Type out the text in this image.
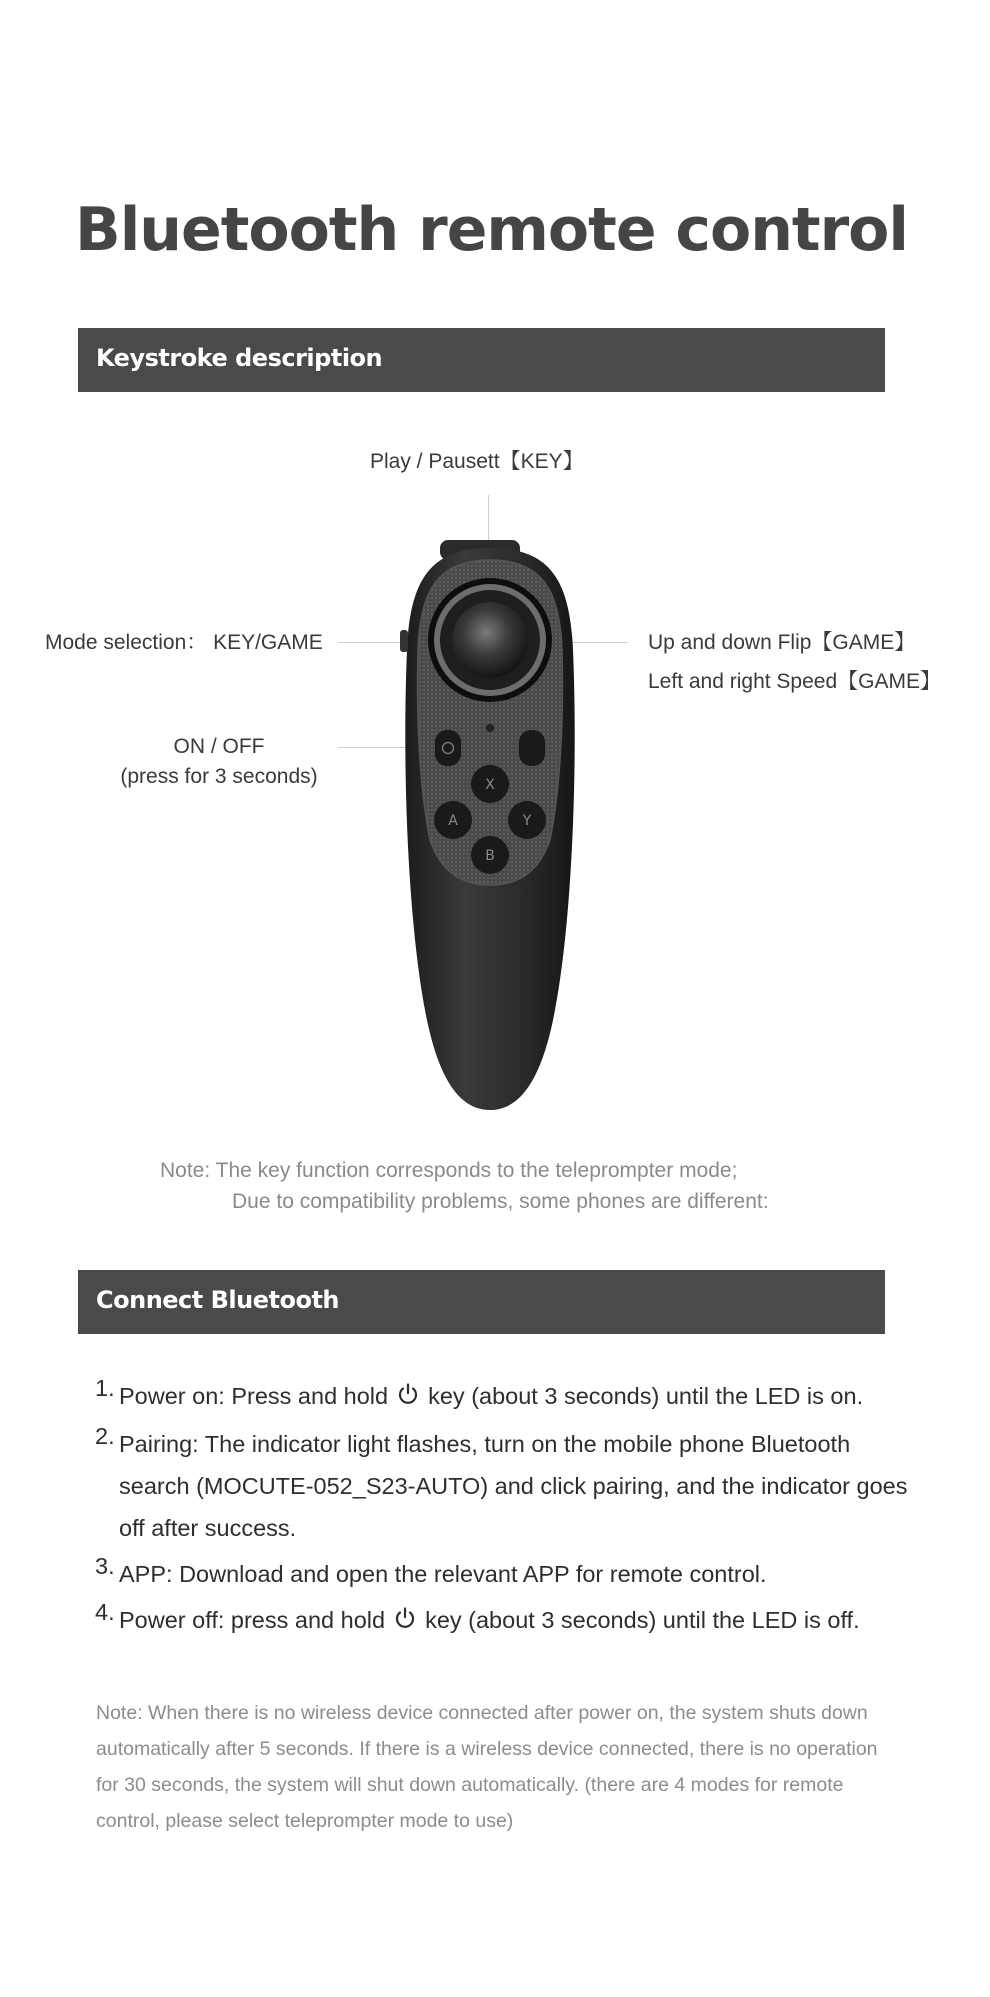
Bluetooth remote control
Keystroke description
Play / Pausett【KEY】
Mode selection： KEY/GAME
ON / OFF
(press for 3 seconds)
Up and down Flip【GAME】
Left and right Speed【GAME】
X
A	Y
B
Note: The key function corresponds to the teleprompter mode;
Due to compatibility problems, some phones are different:
Connect Bluetooth
1. Power on: Press and hold key (about 3 seconds) until the LED is on.
2. Pairing: The indicator light flashes, turn on the mobile phone Bluetooth search (MOCUTE-052_S23-AUTO) and click pairing, and the indicator goes off after success.
3. APP: Download and open the relevant APP for remote control.
4. Power off: press and hold key (about 3 seconds) until the LED is off.
Note: When there is no wireless device connected after power on, the system shuts down automatically after 5 seconds. If there is a wireless device connected, there is no operation for 30 seconds, the system will shut down automatically. (there are 4 modes for remote control, please select teleprompter mode to use)
